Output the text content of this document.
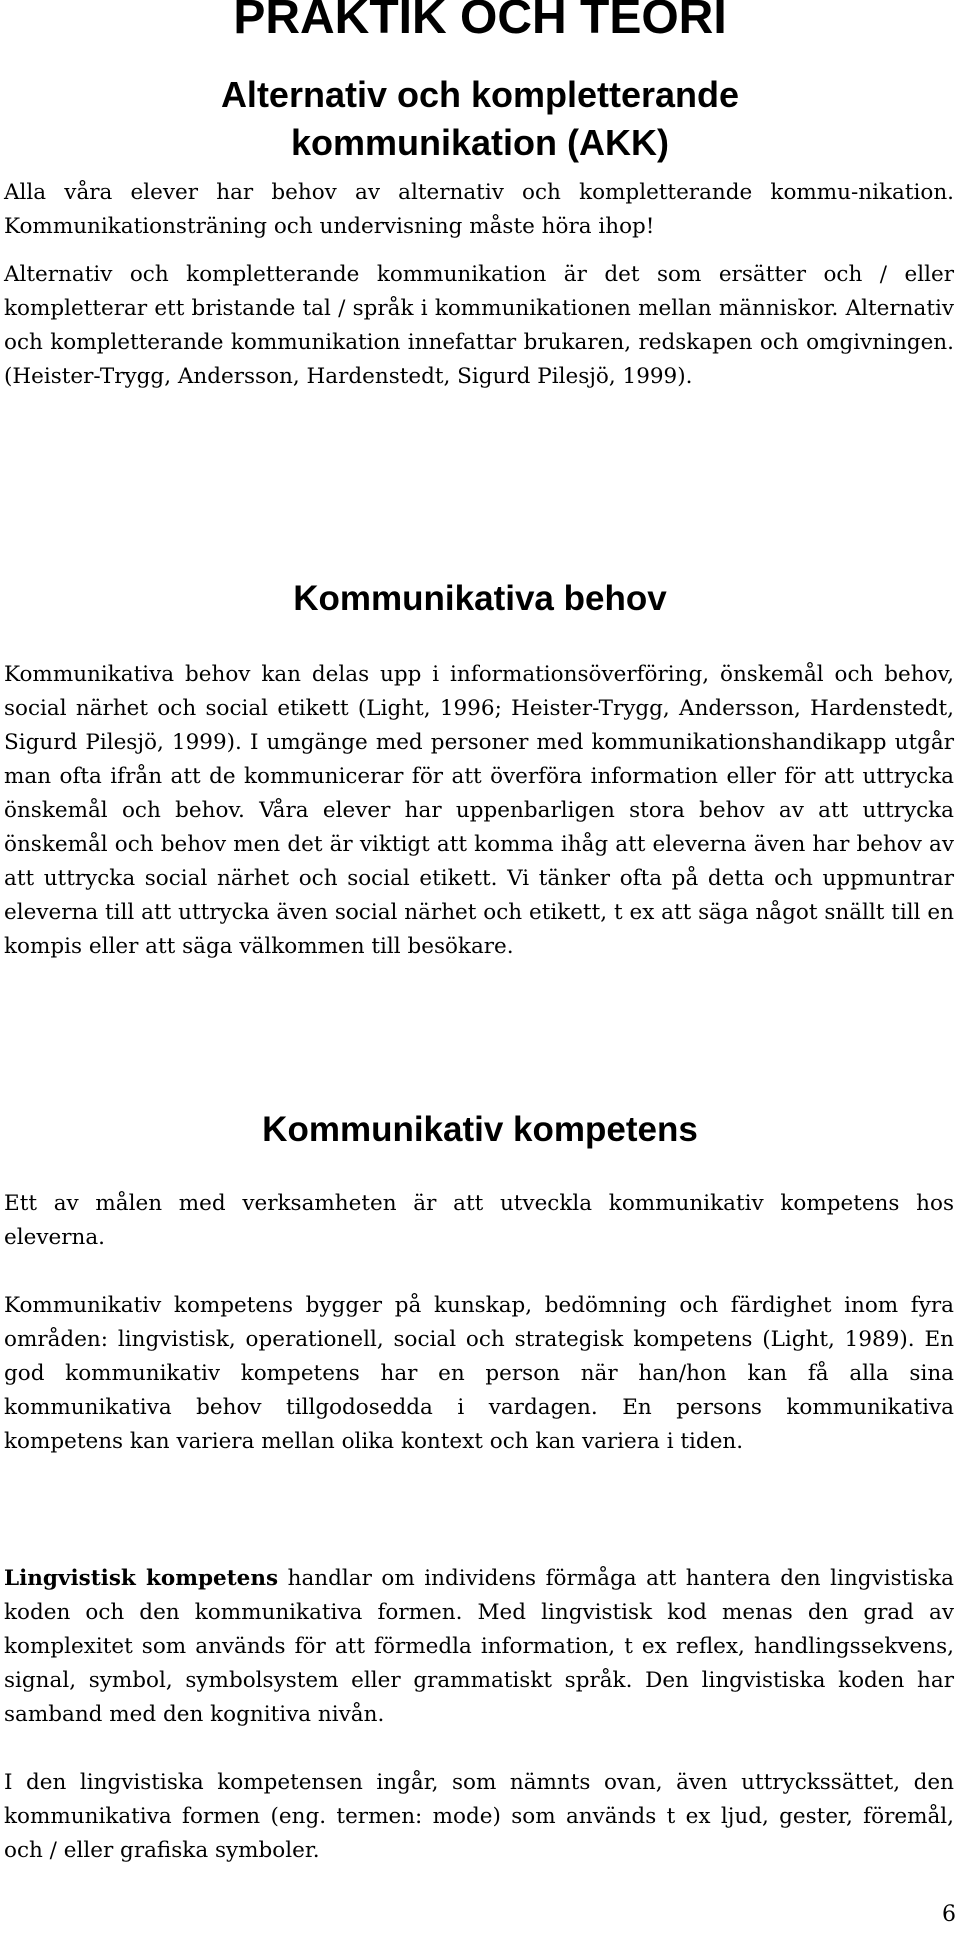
PRAKTIK OCH TEORI
Alternativ och kompletterande kommunikation (AKK)

Alla våra elever har behov av alternativ och kompletterande kommu-nikation. Kommunikationsträning och undervisning måste höra ihop!

Alternativ och kompletterande kommunikation är det som ersätter och / eller kompletterar ett bristande tal / språk i kommunikationen mellan människor. Alternativ och kompletterande kommunikation innefattar brukaren, redskapen och omgivningen. (Heister-Trygg, Andersson, Hardenstedt, Sigurd Pilesjö, 1999).

Kommunikativa behov

Kommunikativa behov kan delas upp i informationsöverföring, önskemål och behov, social närhet och social etikett (Light, 1996; Heister-Trygg, Andersson, Hardenstedt, Sigurd Pilesjö, 1999). I umgänge med personer med kommunikationshandikapp utgår man ofta ifrån att de kommunicerar för att överföra information eller för att uttrycka önskemål och behov. Våra elever har uppenbarligen stora behov av att uttrycka önskemål och behov men det är viktigt att komma ihåg att eleverna även har behov av att uttrycka social närhet och social etikett. Vi tänker ofta på detta och uppmuntrar eleverna till att uttrycka även social närhet och etikett, t ex att säga något snällt till en kompis eller att säga välkommen till besökare.

Kommunikativ kompetens

Ett av målen med verksamheten är att utveckla kommunikativ kompetens hos eleverna.

Kommunikativ kompetens bygger på kunskap, bedömning och färdighet inom fyra områden: lingvistisk, operationell, social och strategisk kompetens (Light, 1989). En god kommunikativ kompetens har en person när han/hon kan få alla sina kommunikativa behov tillgodosedda i vardagen. En persons kommunikativa kompetens kan variera mellan olika kontext och kan variera i tiden.

Lingvistisk kompetens handlar om individens förmåga att hantera den lingvistiska koden och den kommunikativa formen. Med lingvistisk kod menas den grad av komplexitet som används för att förmedla information, t ex reflex, handlingssekvens, signal, symbol, symbolsystem eller grammatiskt språk. Den lingvistiska koden har samband med den kognitiva nivån.

I den lingvistiska kompetensen ingår, som nämnts ovan, även uttryckssättet, den kommunikativa formen (eng. termen: mode) som används t ex ljud, gester, föremål, och / eller grafiska symboler.

6
